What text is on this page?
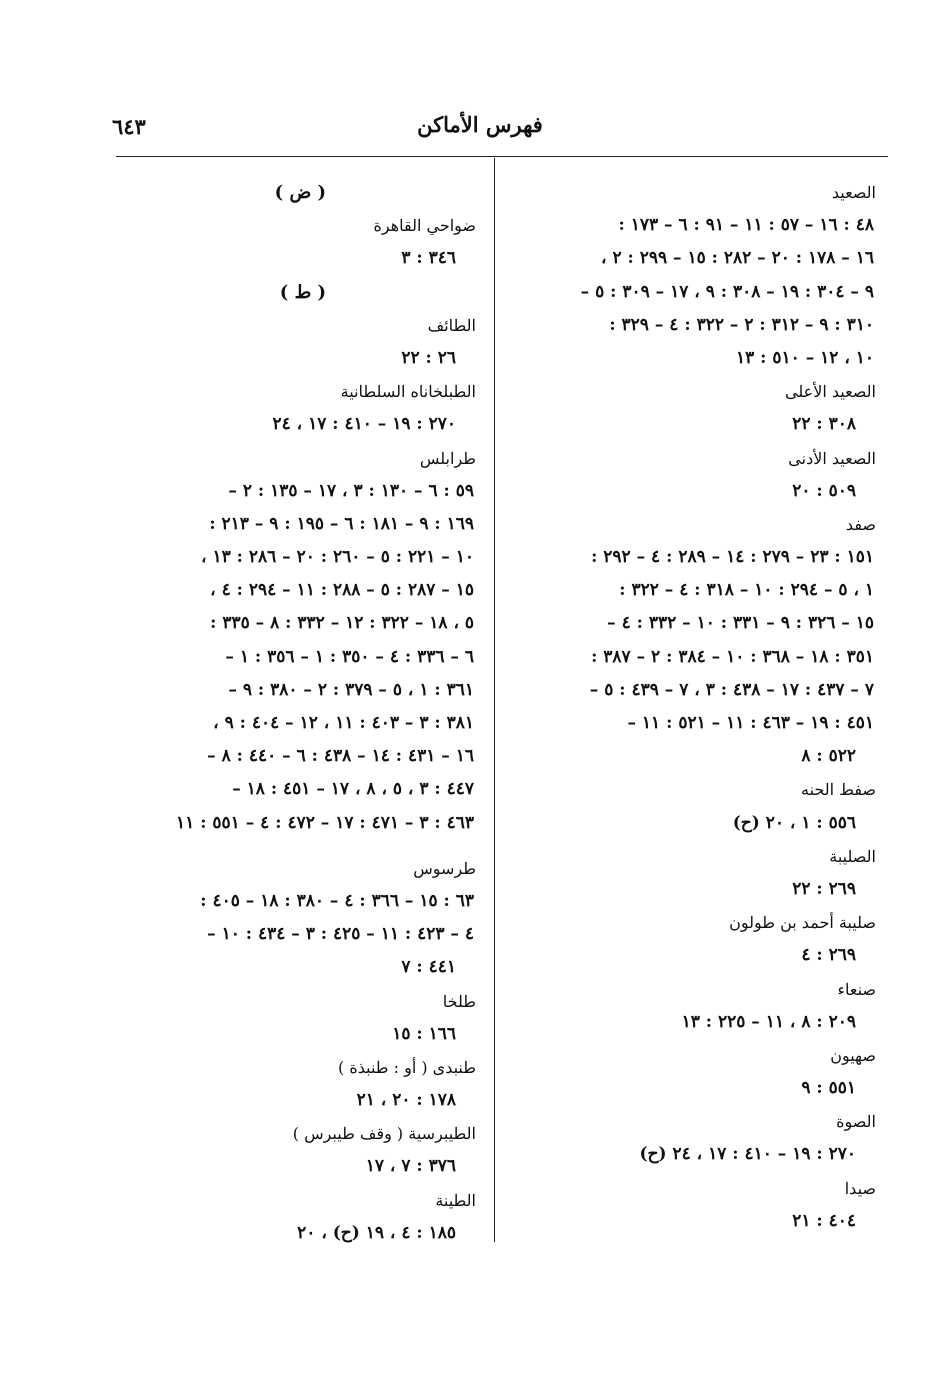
فهرس الأماكن
٦٤٣
الصعيد
٤٨ : ١٦ – ٥٧ : ١١ – ٩١ : ٦ – ١٧٣ :
١٦ – ١٧٨ : ٢٠ – ٢٨٢ : ١٥ – ٢٩٩ : ٢ ،
٩ – ٣٠٤ : ١٩ – ٣٠٨ : ٩ ، ١٧ – ٣٠٩ : ٥ –
٣١٠ : ٩ – ٣١٢ : ٢ – ٣٢٢ : ٤ – ٣٢٩ :
١٠ ، ١٢ – ٥١٠ : ١٣
الصعيد الأعلى
٣٠٨ : ٢٢
الصعيد الأدنى
٥٠٩ : ٢٠
صفد
١٥١ : ٢٣ – ٢٧٩ : ١٤ – ٢٨٩ : ٤ – ٢٩٢ :
١ ، ٥ – ٢٩٤ : ١٠ – ٣١٨ : ٤ – ٣٢٢ :
١٥ – ٣٢٦ : ٩ – ٣٣١ : ١٠ – ٣٣٢ : ٤ –
٣٥١ : ١٨ – ٣٦٨ : ١٠ – ٣٨٤ : ٢ – ٣٨٧ :
٧ – ٤٣٧ : ١٧ – ٤٣٨ : ٣ ، ٧ – ٤٣٩ : ٥ –
٤٥١ : ١٩ – ٤٦٣ : ١١ – ٥٢١ : ١١ –
٥٢٢ : ٨
صفط الحنه
٥٥٦ : ١ ، ٢٠ (ح)
الصليبة
٢٦٩ : ٢٢
صليبة أحمد بن طولون
٢٦٩ : ٤
صنعاء
٢٠٩ : ٨ ، ١١ – ٢٢٥ : ١٣
صهيون
٥٥١ : ٩
الصوة
٢٧٠ : ١٩ – ٤١٠ : ١٧ ، ٢٤ (ح)
صيدا
٤٠٤ : ٢١
( ض )
ضواحي القاهرة
٣٤٦ : ٣
( ط )
الطائف
٢٦ : ٢٢
الطبلخاناه السلطانية
٢٧٠ : ١٩ – ٤١٠ : ١٧ ، ٢٤
طرابلس
٥٩ : ٦ – ١٣٠ : ٣ ، ١٧ – ١٣٥ : ٢ –
١٦٩ : ٩ – ١٨١ : ٦ – ١٩٥ : ٩ – ٢١٣ :
١٠ – ٢٢١ : ٥ – ٢٦٠ : ٢٠ – ٢٨٦ : ١٣ ،
١٥ – ٢٨٧ : ٥ – ٢٨٨ : ١١ – ٢٩٤ : ٤ ،
٥ ، ١٨ – ٣٢٢ : ١٢ – ٣٣٢ : ٨ – ٣٣٥ :
٦ – ٣٣٦ : ٤ – ٣٥٠ : ١ – ٣٥٦ : ١ –
٣٦١ : ١ ، ٥ – ٣٧٩ : ٢ – ٣٨٠ : ٩ –
٣٨١ : ٣ – ٤٠٣ : ١١ ، ١٢ – ٤٠٤ : ٩ ،
١٦ – ٤٣١ : ١٤ – ٤٣٨ : ٦ – ٤٤٠ : ٨ –
٤٤٧ : ٣ ، ٥ ، ٨ ، ١٧ – ٤٥١ : ١٨ –
٤٦٣ : ٣ – ٤٧١ : ١٧ – ٤٧٢ : ٤ – ٥٥١ : ١١
طرسوس
٦٣ : ١٥ – ٣٦٦ : ٤ – ٣٨٠ : ١٨ – ٤٠٥ :
٤ – ٤٢٣ : ١١ – ٤٢٥ : ٣ – ٤٣٤ : ١٠ –
٤٤١ : ٧
طلخا
١٦٦ : ١٥
طنبدى ( أو : طنبذة )
١٧٨ : ٢٠ ، ٢١
الطيبرسية ( وقف طيبرس )
٣٧٦ : ٧ ، ١٧
الطينة
١٨٥ : ٤ ، ١٩ (ح) ، ٢٠
